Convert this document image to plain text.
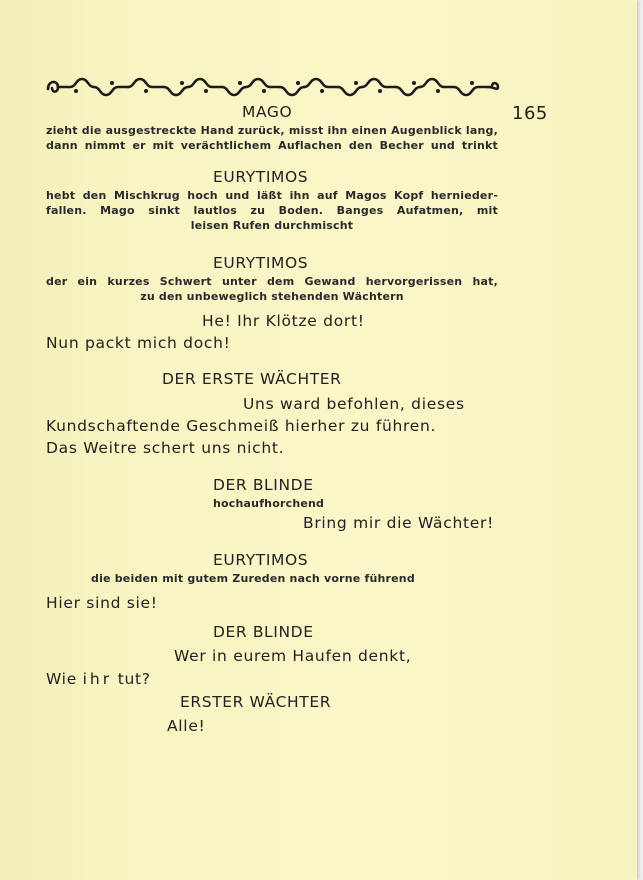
165
MAGO
zieht die ausgestreckte Hand zurück, misst ihn einen Augenblick lang,
dann nimmt er mit verächtlichem Auflachen den Becher und trinkt
EURYTIMOS
hebt den Mischkrug hoch und läßt ihn auf Magos Kopf hernieder-
fallen. Mago sinkt lautlos zu Boden. Banges Aufatmen, mit
leisen Rufen durchmischt
EURYTIMOS
der ein kurzes Schwert unter dem Gewand hervorgerissen hat,
zu den unbeweglich stehenden Wächtern
He! Ihr Klötze dort!
Nun packt mich doch!
DER ERSTE WÄCHTER
Uns ward befohlen, dieses
Kundschaftende Geschmeiß hierher zu führen.
Das Weitre schert uns nicht.
DER BLINDE
hochaufhorchend
Bring mir die Wächter!
EURYTIMOS
die beiden mit gutem Zureden nach vorne führend
Hier sind sie!
DER BLINDE
Wer in eurem Haufen denkt,
Wie ihr tut?
ERSTER WÄCHTER
Alle!
